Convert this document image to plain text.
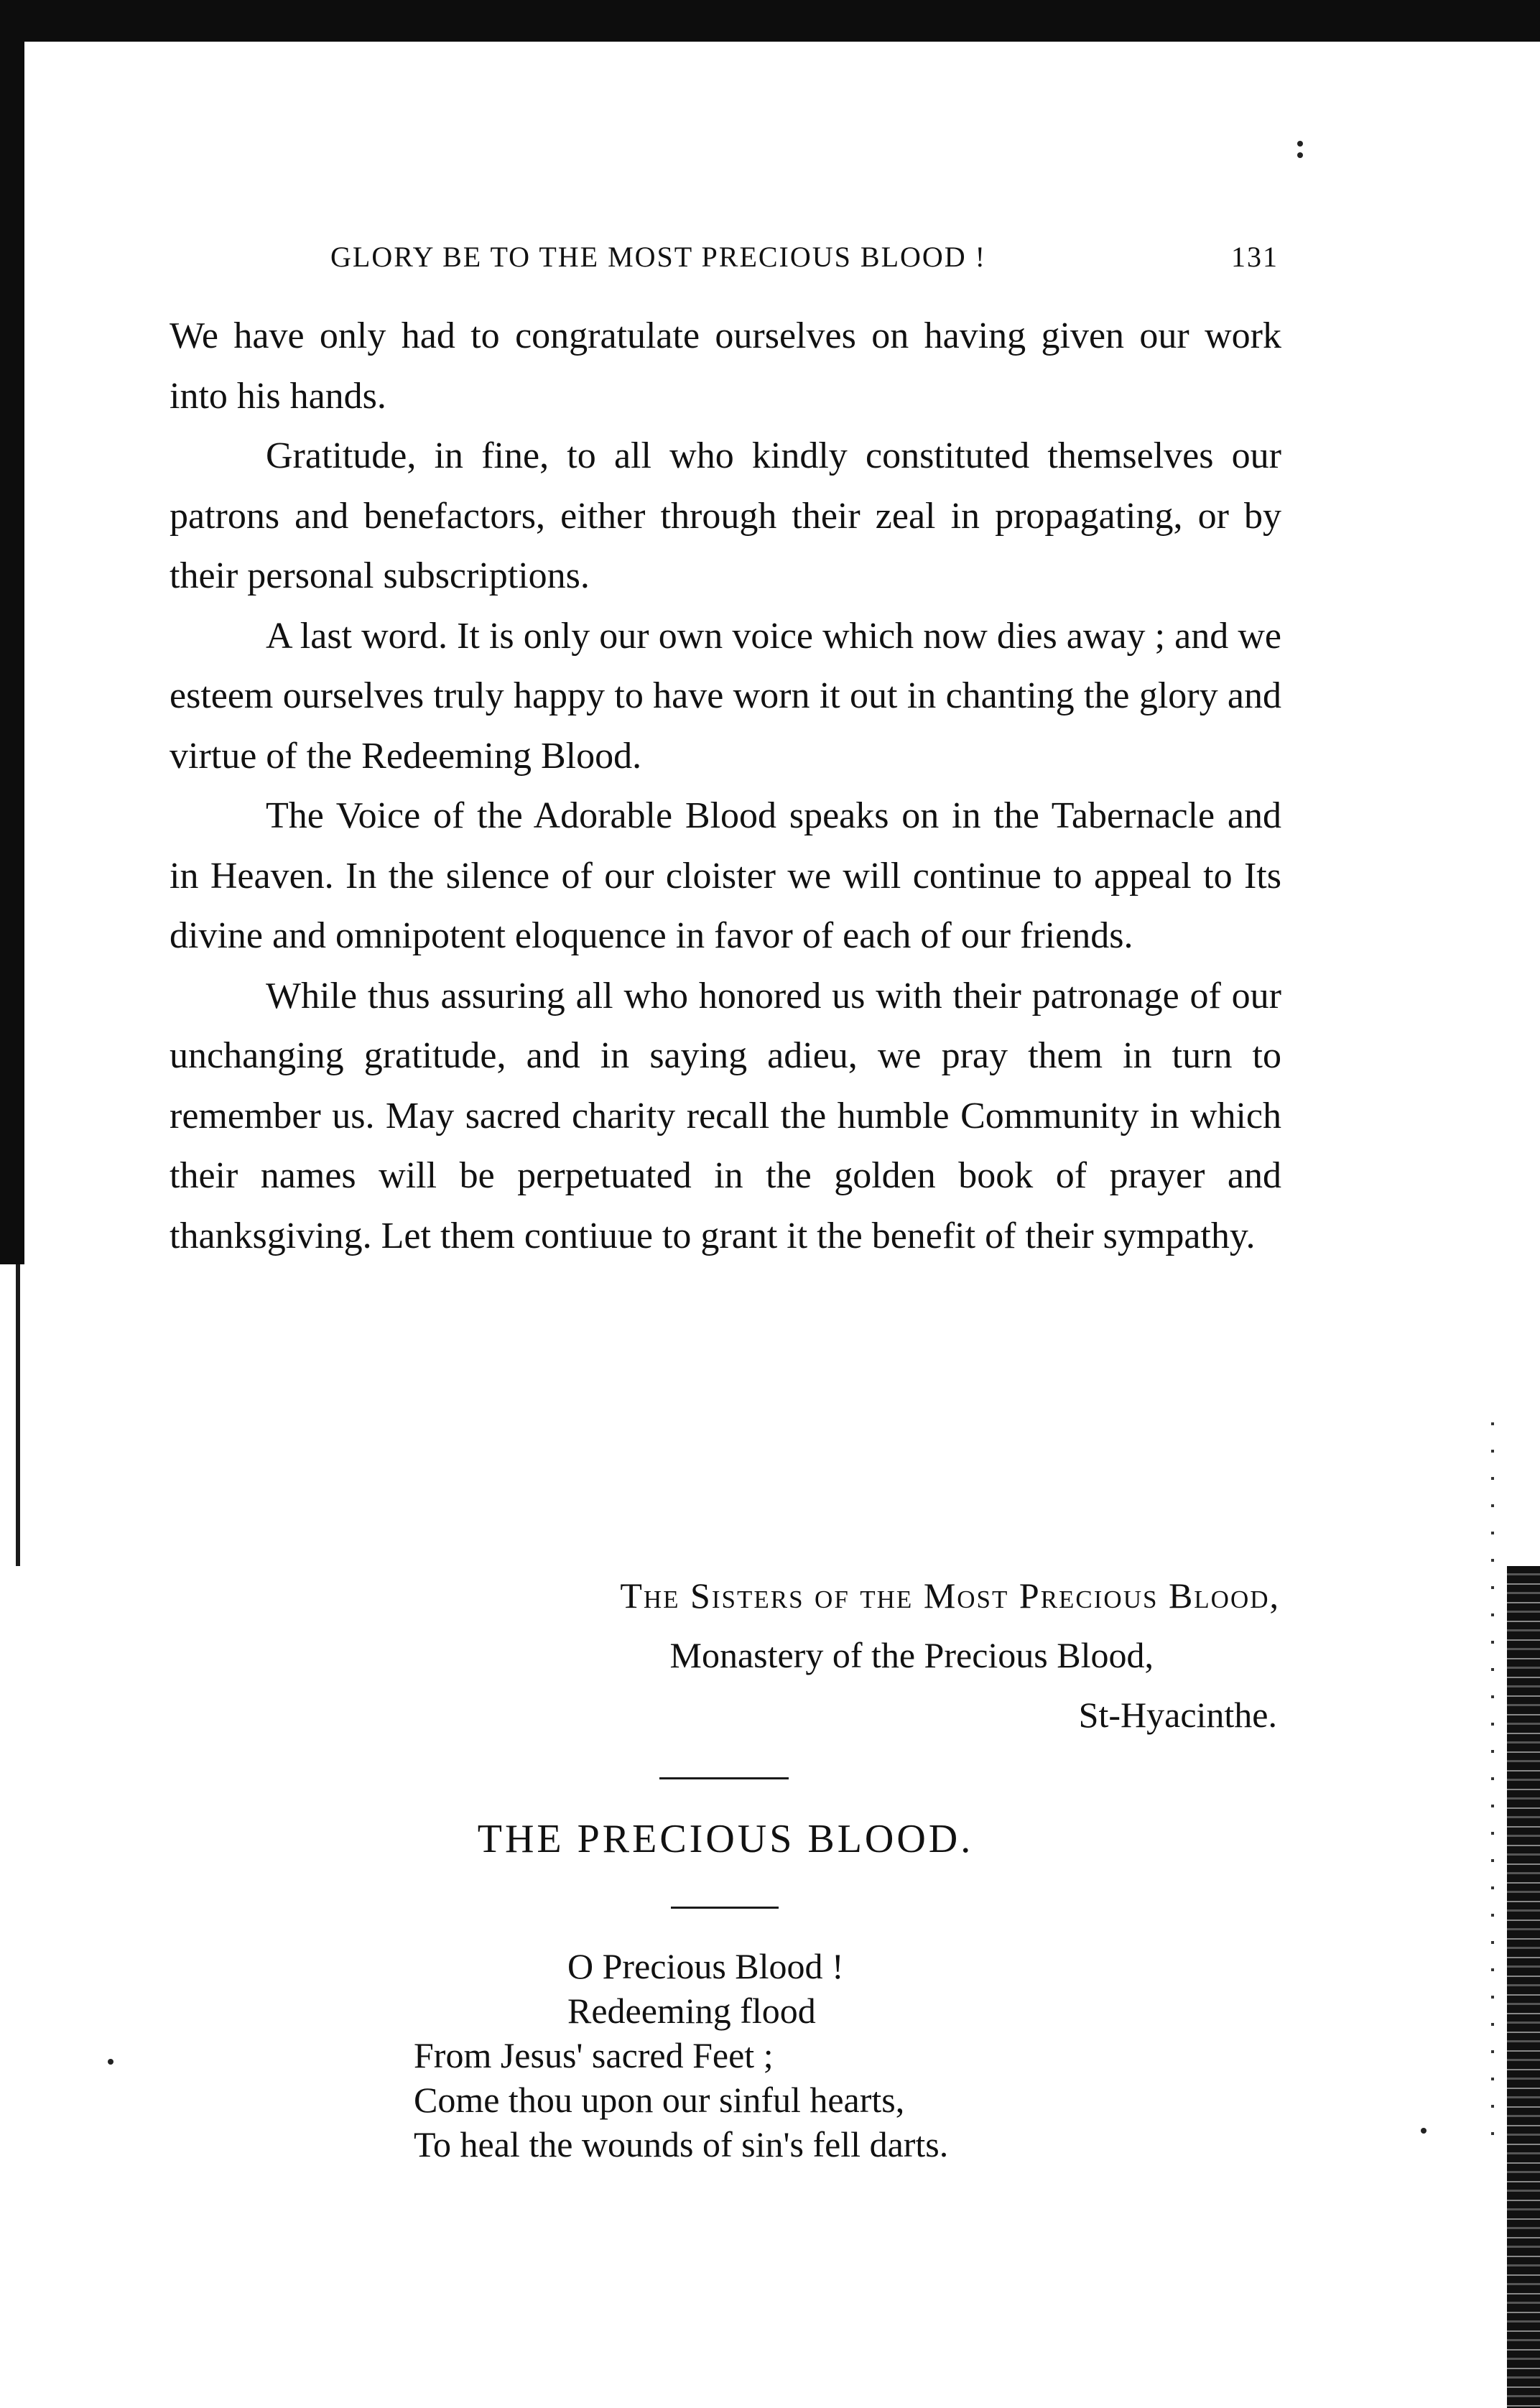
GLORY BE TO THE MOST PRECIOUS BLOOD !	131

We have only had to congratulate ourselves on having given our work into his hands.

Gratitude, in fine, to all who kindly constituted themselves our patrons and benefactors, either through their zeal in propagating, or by their personal subscriptions.

A last word. It is only our own voice which now dies away ; and we esteem ourselves truly happy to have worn it out in chanting the glory and virtue of the Redeeming Blood.

The Voice of the Adorable Blood speaks on in the Tabernacle and in Heaven. In the silence of our cloister we will continue to appeal to Its divine and omnipotent eloquence in favor of each of our friends.

While thus assuring all who honored us with their patronage of our unchanging gratitude, and in saying adieu, we pray them in turn to remember us. May sacred charity recall the humble Community in which their names will be perpetuated in the golden book of prayer and thanksgiving. Let them contiuue to grant it the benefit of their sympathy.

The Sisters of the Most Precious Blood,
Monastery of the Precious Blood,
St-Hyacinthe.
THE PRECIOUS BLOOD.
O Precious Blood !
Redeeming flood
From Jesus' sacred Feet ;
Come thou upon our sinful hearts,
To heal the wounds of sin's fell darts.
